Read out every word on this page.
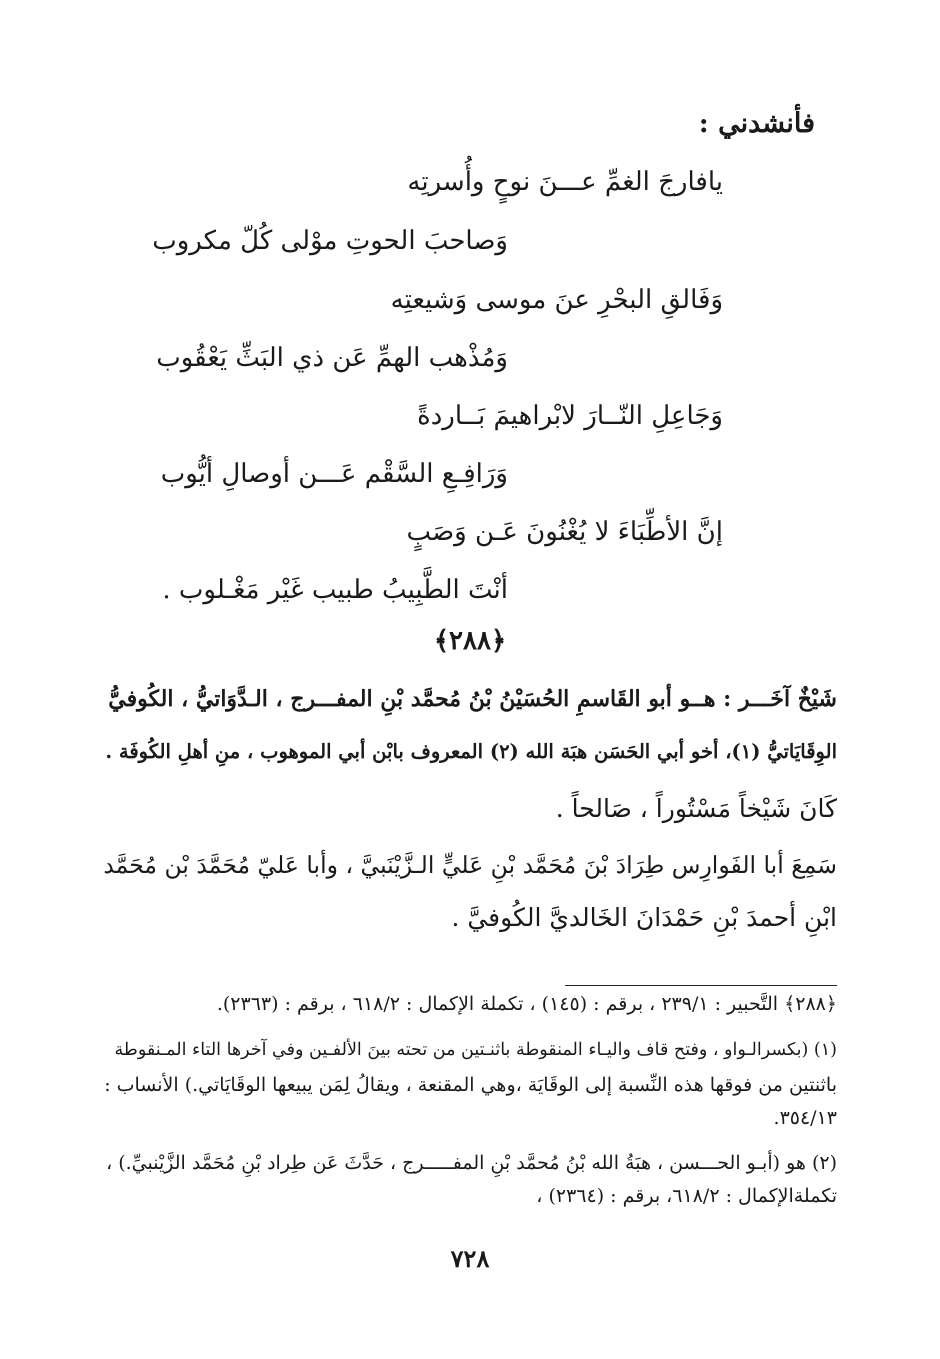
فأنشدني :
يافارجَ الغمِّ عـــنَ نوحٍ وأُسرتِه
وَصاحبَ الحوتِ موْلى كُلّ مكروب
وَفَالقِ البحْرِ عنَ موسى وَشيعتِه
وَمُذْهب الهمِّ عَن ذي البَثِّ يَعْقُوب
وَجَاعِلِ النّــارَ لابْراهيمَ بَــاردةً
وَرَافِـعِ السَّقْم عَـــن أوصالِ أيُّوب
إنَّ الأطِّبَاءَ لا يُغْنُونَ عَـن وَصَبٍ
أنْتَ الطَّبِيبُ طبيب غَيْر مَغْـلوب .
﴿٢٨٨﴾
شَيْخٌ آخَـــر : هــو أبو القَاسمِ الحُسَيْنُ بْنُ مُحمَّد بْنِ المفـــرج ، الـدَّوَاتيُّ ، الكُوفيُّ
الوِقَايَاتيُّ (١)، أخو أبي الحَسَن هبَة الله (٢) المعروف بابْن أبي الموهوب ، منِ أهلِ الكُوفَة .
كَانَ شَيْخاً مَسْتُوراً ، صَالحاً .
سَمِعَ أبا الفَوارِس طِرَادَ بْنَ مُحَمَّد بْنِ عَليٍّ الـزَّيْنَبيَّ ، وأبا عَليّ مُحَمَّدَ بْن مُحَمَّد
ابْنِ أحمدَ بْنِ حَمْدَانَ الخَالديَّ الكُوفيَّ .
﴿٢٨٨﴾ التَّحبير : ٢٣٩/١ ، برقم : (١٤٥) ، تكملة الإكمال : ٦١٨/٢ ، برقم : (٢٣٦٣).
(١) (بكسرالـواو ، وفتح قاف واليـاء المنقوطة باثنـتين من تحته بينَ الألفـين وفي آخرها التاء المـنقوطة
باثنتين من فوقها هذه النِّسبة إلى الوقَايَة ،وهي المقنعة ، ويقالُ لِمَن يبيعها الوقَايَاتي.) الأنساب :
٣٥٤/١٣.
(٢) هو (أبـو الحـــسن ، هبَةُ الله بْنُ مُحمَّد بْنِ المفـــــرج ، حَدَّثَ عَن طِراد بْنِ مُحَمَّد الزَّيْنبيِّ.) ،
تكملةالإكمال : ٦١٨/٢، برقم : (٢٣٦٤) ،
٧٢٨
